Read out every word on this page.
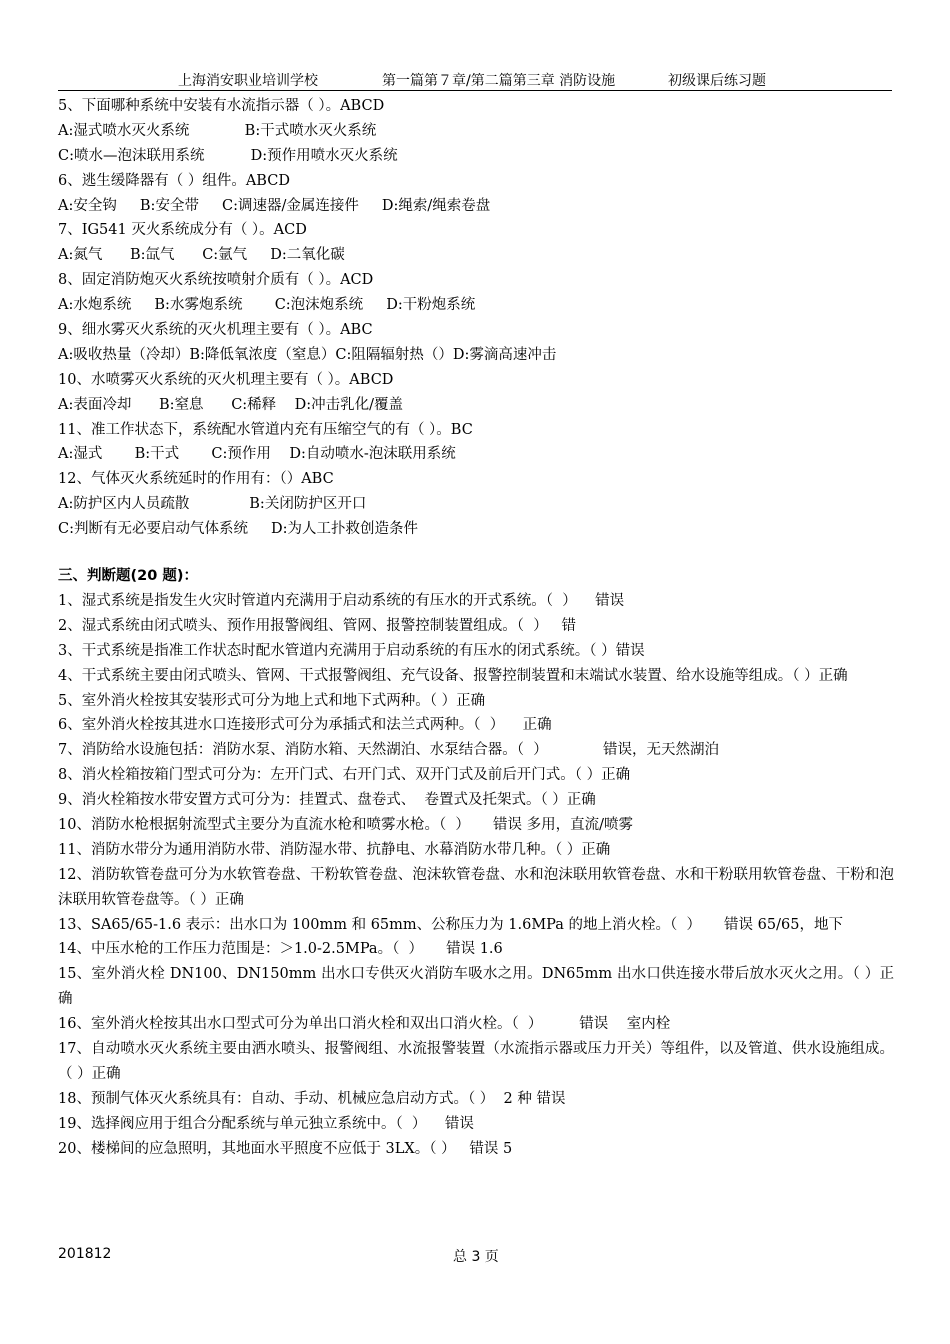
上海消安职业培训学校	第一篇第７章/第二篇第三章 消防设施	初级课后练习题
5、下面哪种系统中安装有水流指示器（ ）。ABCD
A:湿式喷水灭火系统            B:干式喷水灭火系统
C:喷水—泡沫联用系统          D:预作用喷水灭火系统
6、逃生缓降器有（ ）组件。ABCD
A:安全钩     B:安全带     C:调速器/金属连接件     D:绳索/绳索卷盘
7、IG541 灭火系统成分有（ ）。ACD
A:氮气      B:氙气      C:氩气     D:二氧化碳
8、固定消防炮灭火系统按喷射介质有（ ）。ACD
A:水炮系统     B:水雾炮系统       C:泡沫炮系统     D:干粉炮系统
9、细水雾灭火系统的灭火机理主要有（ ）。ABC
A:吸收热量（冷却）B:降低氧浓度（窒息）C:阻隔辐射热（）D:雾滴高速冲击
10、水喷雾灭火系统的灭火机理主要有（ ）。ABCD
A:表面冷却      B:窒息      C:稀释    D:冲击乳化/覆盖
11、准工作状态下，系统配水管道内充有压缩空气的有（ ）。BC
A:湿式       B:干式       C:预作用    D:自动喷水-泡沫联用系统
12、气体灭火系统延时的作用有：（）ABC
A:防护区内人员疏散             B:关闭防护区开口
C:判断有无必要启动气体系统     D:为人工扑救创造条件
三、判断题(20 题)：
1、湿式系统是指发生火灾时管道内充满用于启动系统的有压水的开式系统。（  ）    错误
2、湿式系统由闭式喷头、预作用报警阀组、管网、报警控制装置组成。（  ）   错
3、干式系统是指准工作状态时配水管道内充满用于启动系统的有压水的闭式系统。（ ）错误
4、干式系统主要由闭式喷头、管网、干式报警阀组、充气设备、报警控制装置和末端试水装置、给水设施等组成。（ ）正确
5、室外消火栓按其安装形式可分为地上式和地下式两种。（ ）正确
6、室外消火栓按其进水口连接形式可分为承插式和法兰式两种。（  ）    正确
7、消防给水设施包括：消防水泵、消防水箱、天然湖泊、水泵结合器。（  ）            错误，无天然湖泊
8、消火栓箱按箱门型式可分为：左开门式、右开门式、双开门式及前后开门式。（ ）正确
9、消火栓箱按水带安置方式可分为：挂置式、盘卷式、  卷置式及托架式。（ ）正确
10、消防水枪根据射流型式主要分为直流水枪和喷雾水枪。（  ）     错误 多用，直流/喷雾
11、消防水带分为通用消防水带、消防湿水带、抗静电、水幕消防水带几种。（ ）正确
12、消防软管卷盘可分为水软管卷盘、干粉软管卷盘、泡沫软管卷盘、水和泡沫联用软管卷盘、水和干粉联用软管卷盘、干粉和泡沫联用软管卷盘等。（ ）正确
13、SA65/65-1.6 表示：出水口为 100mm 和 65mm、公称压力为 1.6MPa 的地上消火栓。（  ）     错误 65/65，地下
14、中压水枪的工作压力范围是：＞1.0-2.5MPa。（  ）     错误 1.6
15、室外消火栓 DN100、DN150mm 出水口专供灭火消防车吸水之用。DN65mm 出水口供连接水带后放水灭火之用。（ ）正确
16、室外消火栓按其出水口型式可分为单出口消火栓和双出口消火栓。（  ）        错误    室内栓
17、自动喷水灭火系统主要由洒水喷头、报警阀组、水流报警装置（水流指示器或压力开关）等组件，以及管道、供水设施组成。（ ）正确
18、预制气体灭火系统具有：自动、手动、机械应急启动方式。（ ）  2 种 错误
19、选择阀应用于组合分配系统与单元独立系统中。（  ）    错误
20、楼梯间的应急照明，其地面水平照度不应低于 3LX。（ ）   错误 5
201812	总 3 页
